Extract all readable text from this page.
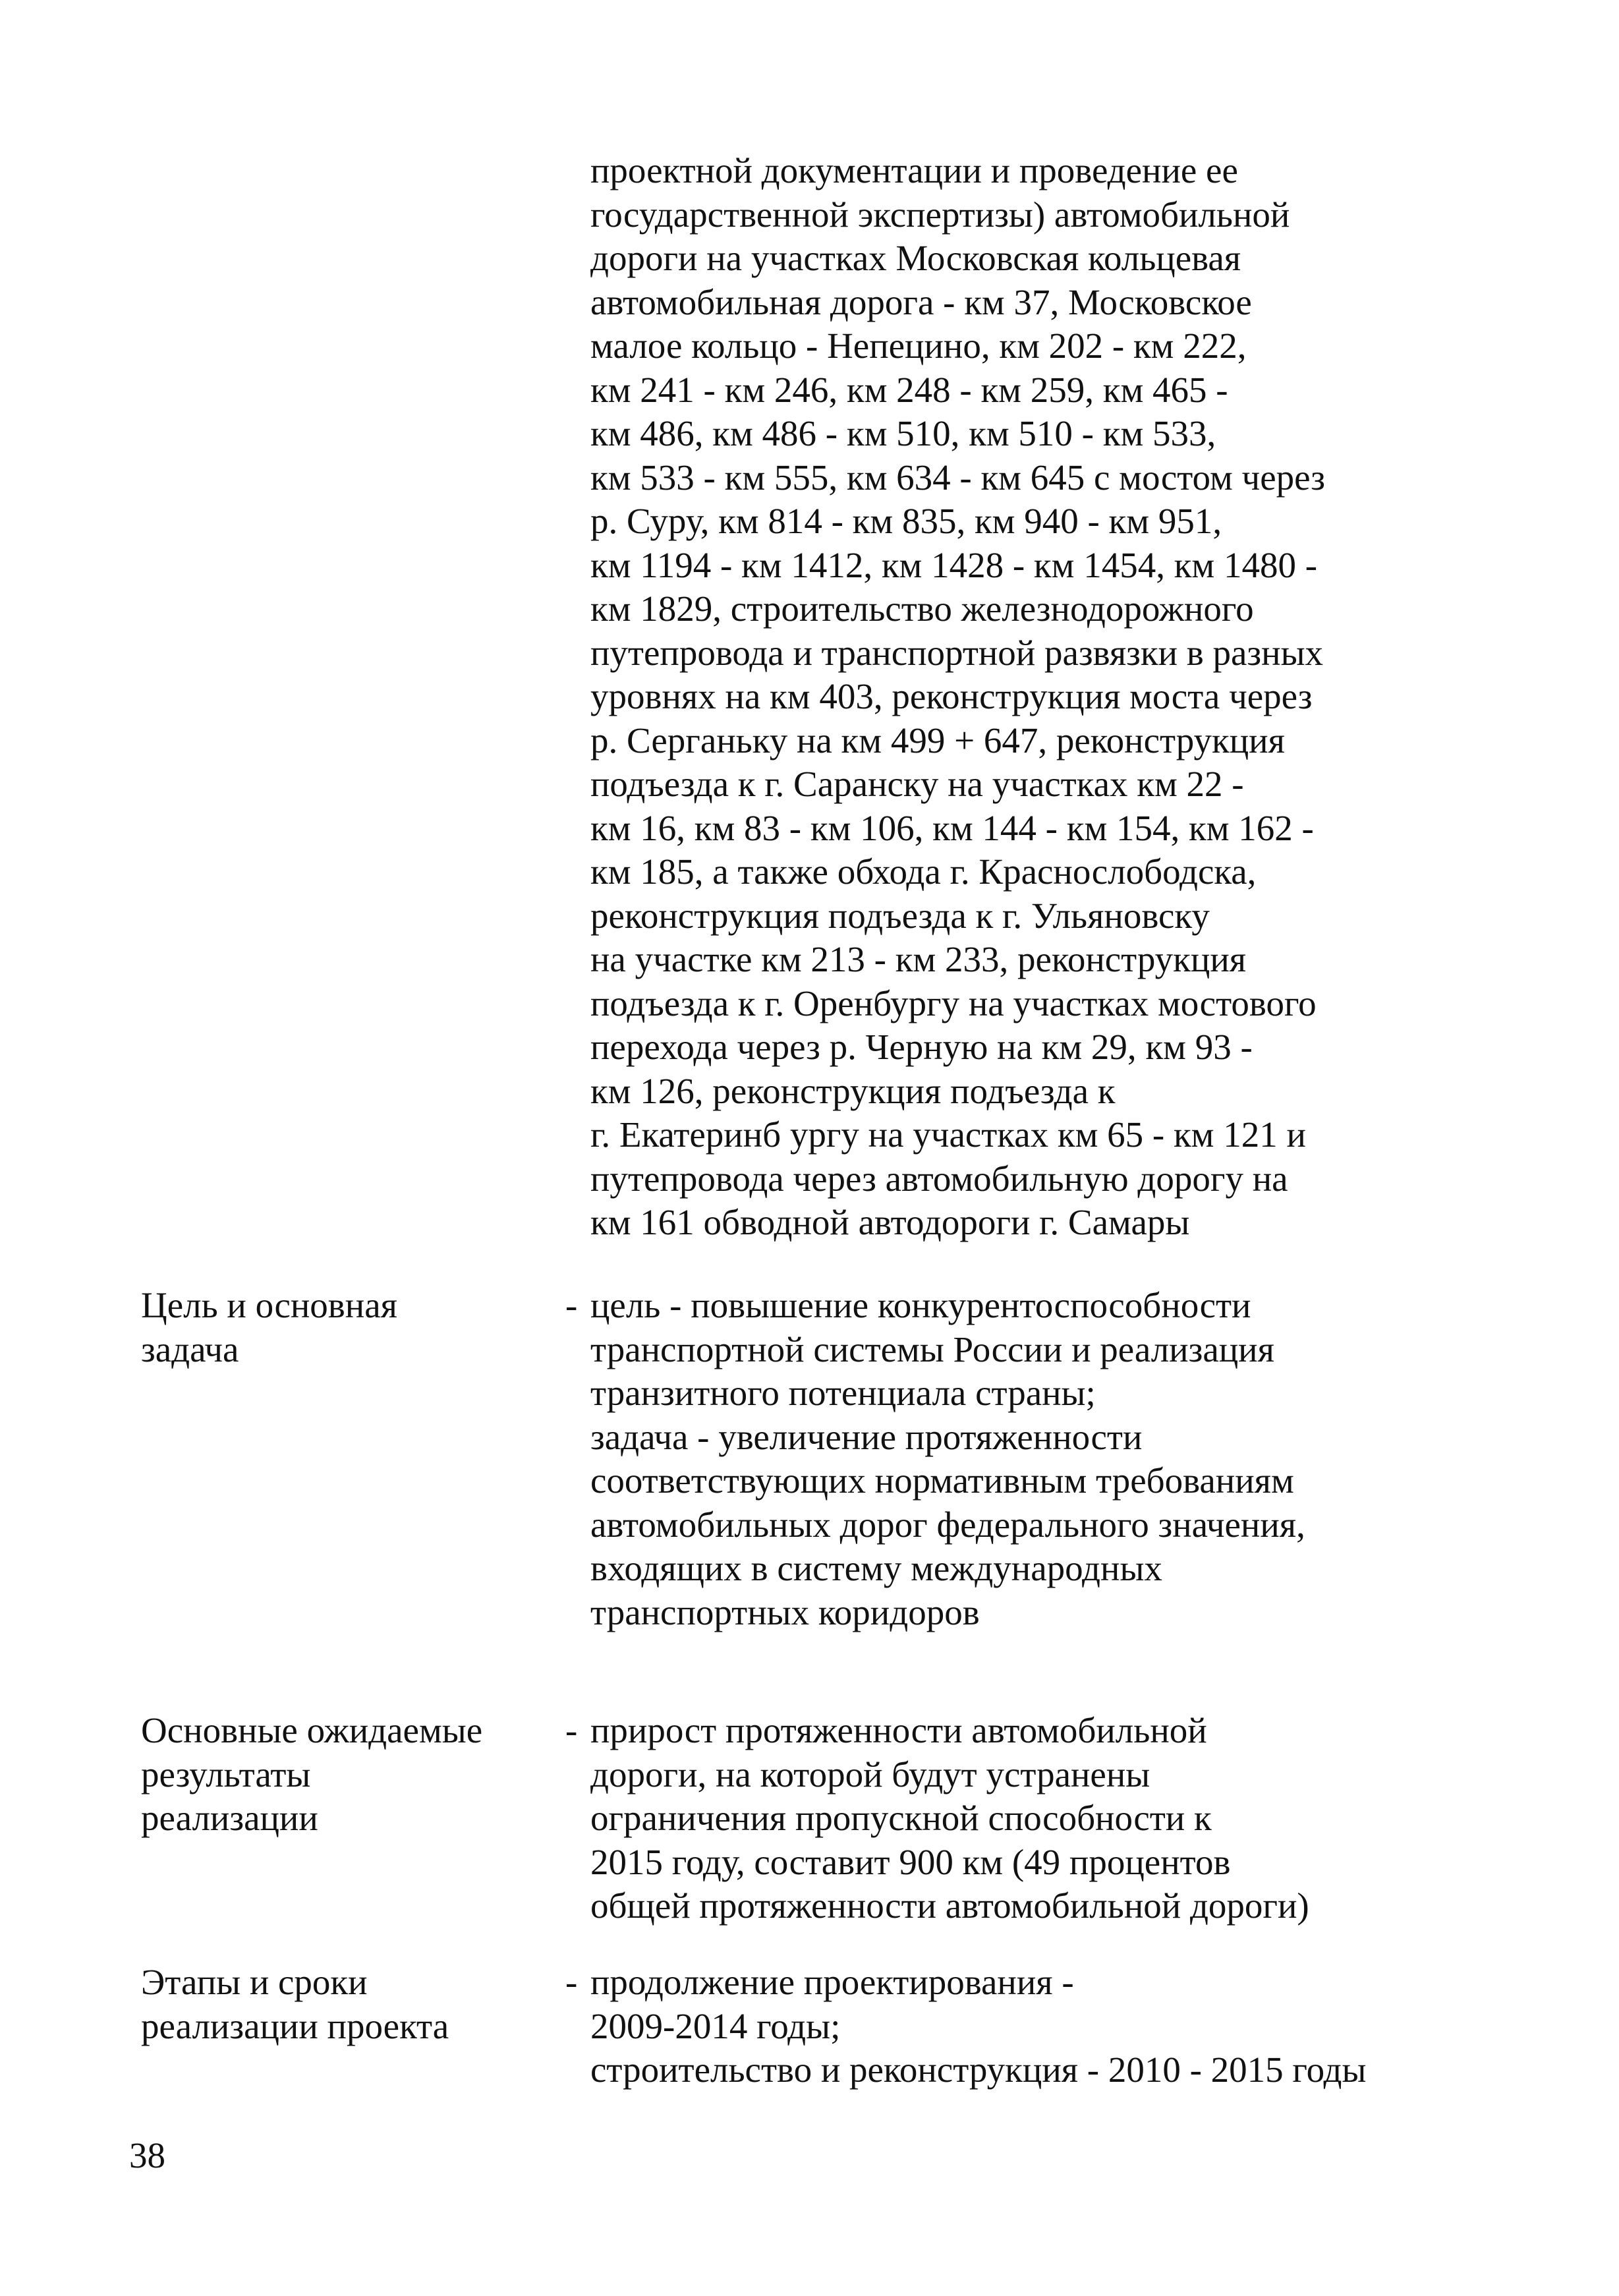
проектной документации и проведение ее
государственной экспертизы) автомобильной
дороги на участках Московская кольцевая
автомобильная дорога - км 37, Московское
малое кольцо - Непецино, км 202 - км 222,
км 241 - км 246, км 248 - км 259, км 465 -
км 486, км 486 - км 510, км 510 - км 533,
км 533 - км 555, км 634 - км 645 с мостом через
р. Суру, км 814 - км 835, км 940 - км 951,
км 1194 - км 1412, км 1428 - км 1454, км 1480 -
км 1829, строительство железнодорожного
путепровода и транспортной развязки в разных
уровнях на км 403, реконструкция моста через
р. Серганьку на км 499 + 647, реконструкция
подъезда к г. Саранску на участках км 22 -
км 16, км 83 - км 106, км 144 - км 154, км 162 -
км 185, а также обхода г. Краснослободска,
реконструкция подъезда к г. Ульяновску
на участке км 213 - км 233, реконструкция
подъезда к г. Оренбургу на участках мостового
перехода через р. Черную на км 29, км 93 -
км 126, реконструкция подъезда к
г. Екатеринб ургу на участках км 65 - км 121 и
путепровода через автомобильную дорогу на
км 161 обводной автодороги г. Самары
Цель и основная
задача
- цель - повышение конкурентоспособности
транспортной системы России и реализация
транзитного потенциала страны;
задача - увеличение протяженности
соответствующих нормативным требованиям
автомобильных дорог федерального значения,
входящих в систему международных
транспортных коридоров
Основные ожидаемые
результаты
реализации
- прирост протяженности автомобильной
дороги, на которой будут устранены
ограничения пропускной способности к
2015 году, составит 900 км (49 процентов
общей протяженности автомобильной дороги)
Этапы и сроки
реализации проекта
- продолжение проектирования -
2009-2014 годы;
строительство и реконструкция - 2010 - 2015 годы
38
